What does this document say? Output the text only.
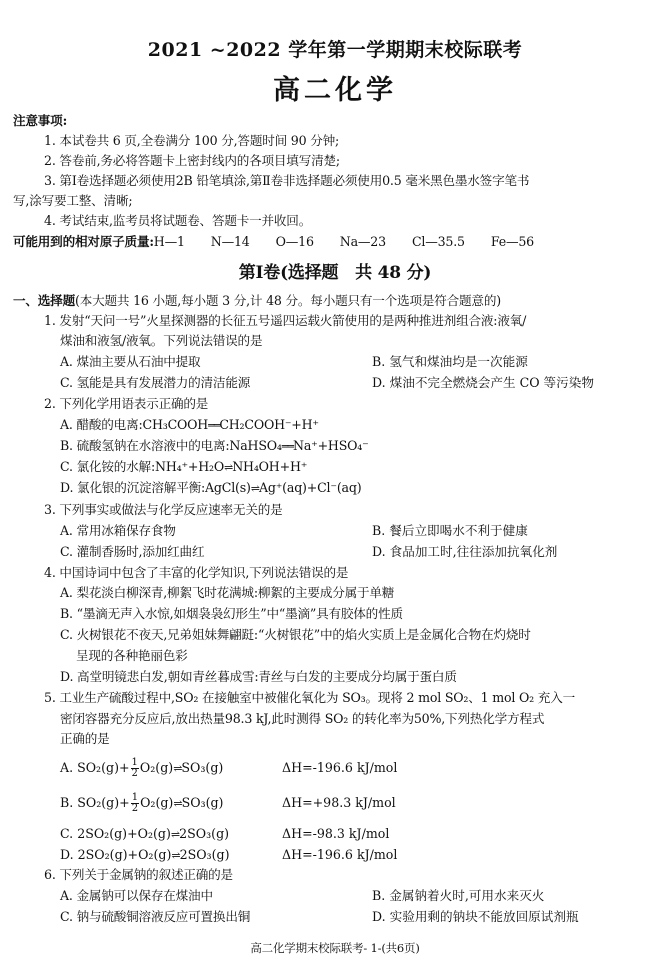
2021 ~2022 学年第一学期期末校际联考
高二化学
注意事项:
1. 本试卷共 6 页,全卷满分 100 分,答题时间 90 分钟;
2. 答卷前,务必将答题卡上密封线内的各项目填写清楚;
3. 第Ⅰ卷选择题必须使用2B 铅笔填涂,第Ⅱ卷非选择题必须使用0.5 毫米黑色墨水签字笔书
写,涂写要工整、清晰;
4. 考试结束,监考员将试题卷、答题卡一并收回。
可能用到的相对原子质量:H—1 N—14 O—16 Na—23 Cl—35.5 Fe—56
第Ⅰ卷(选择题　共 48 分)
一、选择题(本大题共 16 小题,每小题 3 分,计 48 分。每小题只有一个选项是符合题意的)
1. 发射“天问一号”火星探测器的长征五号遥四运载火箭使用的是两种推进剂组合液:液氧/
煤油和液氢/液氧。下列说法错误的是
A. 煤油主要从石油中提取	B. 氢气和煤油均是一次能源
C. 氢能是具有发展潜力的清洁能源	D. 煤油不完全燃烧会产生 CO 等污染物
2. 下列化学用语表示正确的是
A. 醋酸的电离:CH₃COOH══CH₂COOH⁻+H⁺
B. 硫酸氢钠在水溶液中的电离:NaHSO₄══Na⁺+HSO₄⁻
C. 氯化铵的水解:NH₄⁺+H₂O⇌NH₄OH+H⁺
D. 氯化银的沉淀溶解平衡:AgCl(s)⇌Ag⁺(aq)+Cl⁻(aq)
3. 下列事实或做法与化学反应速率无关的是
A. 常用冰箱保存食物	B. 餐后立即喝水不利于健康
C. 灌制香肠时,添加红曲红	D. 食品加工时,往往添加抗氧化剂
4. 中国诗词中包含了丰富的化学知识,下列说法错误的是
A. 梨花淡白柳深青,柳絮飞时花满城:柳絮的主要成分属于单糖
B. “墨滴无声入水惊,如烟袅袅幻形生”中“墨滴”具有胶体的性质
C. 火树银花不夜天,兄弟姐妹舞翩跹:“火树银花”中的焰火实质上是金属化合物在灼烧时
呈现的各种艳丽色彩
D. 高堂明镜悲白发,朝如青丝暮成雪:青丝与白发的主要成分均属于蛋白质
5. 工业生产硫酸过程中,SO₂ 在接触室中被催化氧化为 SO₃。现将 2 mol SO₂、1 mol O₂ 充入一
密闭容器充分反应后,放出热量98.3 kJ,此时测得 SO₂ 的转化率为50%,下列热化学方程式
正确的是
A. $SO_2(g)+ \frac{1}{2}$ O₂(g)⇌SO₃(g)	ΔH=-196.6 kJ/mol
B. $SO_2(g)+ \frac{1}{2}$ O₂(g)⇌SO₃(g)	ΔH=+98.3 kJ/mol
C. 2SO₂(g)+O₂(g)⇌2SO₃(g)	ΔH=-98.3 kJ/mol
D. 2SO₂(g)+O₂(g)⇌2SO₃(g)	ΔH=-196.6 kJ/mol
6. 下列关于金属钠的叙述正确的是
A. 金属钠可以保存在煤油中	B. 金属钠着火时,可用水来灭火
C. 钠与硫酸铜溶液反应可置换出铜	D. 实验用剩的钠块不能放回原试剂瓶
高二化学期末校际联考- 1-(共6页)
